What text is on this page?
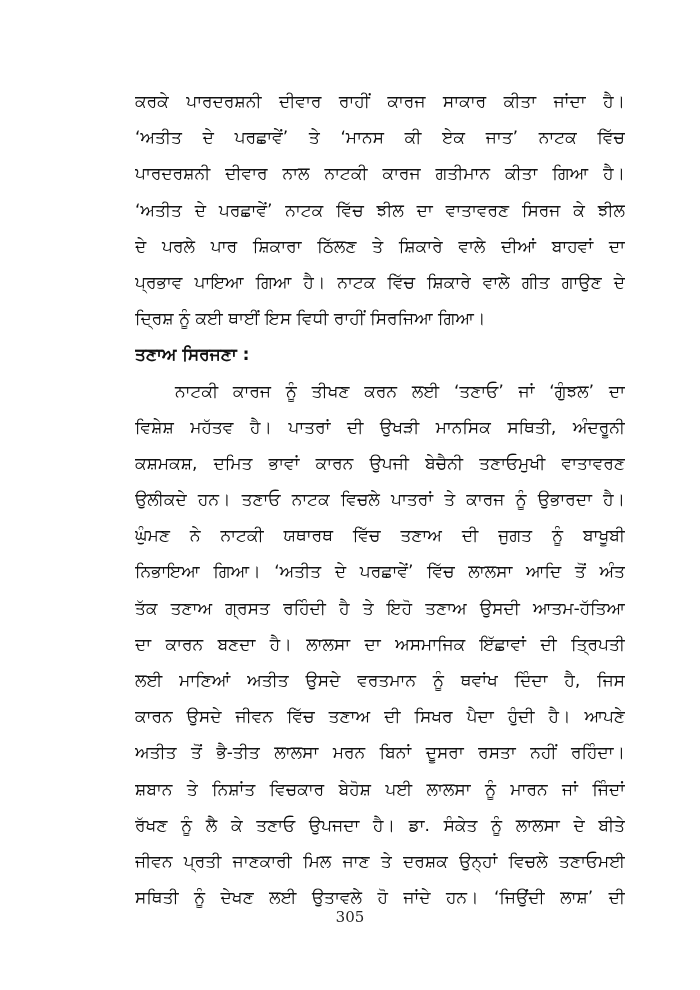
ਕਰਕੇ ਪਾਰਦਰਸ਼ਨੀ ਦੀਵਾਰ ਰਾਹੀਂ ਕਾਰਜ ਸਾਕਾਰ ਕੀਤਾ ਜਾਂਦਾ ਹੈ।
‘ਅਤੀਤ ਦੇ ਪਰਛਾਵੇਂ’ ਤੇ ‘ਮਾਨਸ ਕੀ ਏਕ ਜਾਤ’ ਨਾਟਕ ਵਿੱਚ
ਪਾਰਦਰਸ਼ਨੀ ਦੀਵਾਰ ਨਾਲ ਨਾਟਕੀ ਕਾਰਜ ਗਤੀਮਾਨ ਕੀਤਾ ਗਿਆ ਹੈ।
‘ਅਤੀਤ ਦੇ ਪਰਛਾਵੇਂ’ ਨਾਟਕ ਵਿੱਚ ਝੀਲ ਦਾ ਵਾਤਾਵਰਣ ਸਿਰਜ ਕੇ ਝੀਲ
ਦੇ ਪਰਲੇ ਪਾਰ ਸ਼ਿਕਾਰਾ ਠਿੱਲਣ ਤੇ ਸ਼ਿਕਾਰੇ ਵਾਲੇ ਦੀਆਂ ਬਾਹਵਾਂ ਦਾ
ਪ੍ਰਭਾਵ ਪਾਇਆ ਗਿਆ ਹੈ। ਨਾਟਕ ਵਿੱਚ ਸ਼ਿਕਾਰੇ ਵਾਲੇ ਗੀਤ ਗਾਉਣ ਦੇ
ਦ੍ਰਿਸ਼ ਨੂੰ ਕਈ ਥਾਈਂ ਇਸ ਵਿਧੀ ਰਾਹੀਂ ਸਿਰਜਿਆ ਗਿਆ।
ਤਣਾਅ ਸਿਰਜਣਾ :
ਨਾਟਕੀ ਕਾਰਜ ਨੂੰ ਤੀਖਣ ਕਰਨ ਲਈ ‘ਤਣਾਓ’ ਜਾਂ ‘ਗੁੰਝਲ’ ਦਾ
ਵਿਸ਼ੇਸ਼ ਮਹੱਤਵ ਹੈ। ਪਾਤਰਾਂ ਦੀ ਉਖੜੀ ਮਾਨਸਿਕ ਸਥਿਤੀ, ਅੰਦਰੂਨੀ
ਕਸ਼ਮਕਸ਼, ਦਮਿਤ ਭਾਵਾਂ ਕਾਰਨ ਉਪਜੀ ਬੇਚੈਨੀ ਤਣਾਓਮੁਖੀ ਵਾਤਾਵਰਣ
ਉਲੀਕਦੇ ਹਨ। ਤਣਾਓ ਨਾਟਕ ਵਿਚਲੇ ਪਾਤਰਾਂ ਤੇ ਕਾਰਜ ਨੂੰ ਉਭਾਰਦਾ ਹੈ।
ਘੁੰਮਣ ਨੇ ਨਾਟਕੀ ਯਥਾਰਥ ਵਿੱਚ ਤਣਾਅ ਦੀ ਜੁਗਤ ਨੂੰ ਬਾਖੂਬੀ
ਨਿਭਾਇਆ ਗਿਆ। ‘ਅਤੀਤ ਦੇ ਪਰਛਾਵੇਂ’ ਵਿੱਚ ਲਾਲਸਾ ਆਦਿ ਤੋਂ ਅੰਤ
ਤੱਕ ਤਣਾਅ ਗ੍ਰਸਤ ਰਹਿੰਦੀ ਹੈ ਤੇ ਇਹੋ ਤਣਾਅ ਉਸਦੀ ਆਤਮ-ਹੱਤਿਆ
ਦਾ ਕਾਰਨ ਬਣਦਾ ਹੈ। ਲਾਲਸਾ ਦਾ ਅਸਮਾਜਿਕ ਇੱਛਾਵਾਂ ਦੀ ਤ੍ਰਿਪਤੀ
ਲਈ ਮਾਣਿਆਂ ਅਤੀਤ ਉਸਦੇ ਵਰਤਮਾਨ ਨੂੰ ਥਵਾਂਖ ਦਿੰਦਾ ਹੈ, ਜਿਸ
ਕਾਰਨ ਉਸਦੇ ਜੀਵਨ ਵਿੱਚ ਤਣਾਅ ਦੀ ਸਿਖਰ ਪੈਦਾ ਹੁੰਦੀ ਹੈ। ਆਪਣੇ
ਅਤੀਤ ਤੋਂ ਭੈ-ਤੀਤ ਲਾਲਸਾ ਮਰਨ ਬਿਨਾਂ ਦੂਸਰਾ ਰਸਤਾ ਨਹੀਂ ਰਹਿੰਦਾ।
ਸ਼ਬਾਨ ਤੇ ਨਿਸ਼ਾਂਤ ਵਿਚਕਾਰ ਬੇਹੋਸ਼ ਪਈ ਲਾਲਸਾ ਨੂੰ ਮਾਰਨ ਜਾਂ ਜਿੰਦਾਂ
ਰੱਖਣ ਨੂੰ ਲੈ ਕੇ ਤਣਾਓ ਉਪਜਦਾ ਹੈ। ਡਾ. ਸੰਕੇਤ ਨੂੰ ਲਾਲਸਾ ਦੇ ਬੀਤੇ
ਜੀਵਨ ਪ੍ਰਤੀ ਜਾਣਕਾਰੀ ਮਿਲ ਜਾਣ ਤੇ ਦਰਸ਼ਕ ਉਨ੍ਹਾਂ ਵਿਚਲੇ ਤਣਾਓਮਈ
ਸਥਿਤੀ ਨੂੰ ਦੇਖਣ ਲਈ ਉਤਾਵਲੇ ਹੋ ਜਾਂਦੇ ਹਨ। ‘ਜਿਉਂਦੀ ਲਾਸ਼’ ਦੀ
305
